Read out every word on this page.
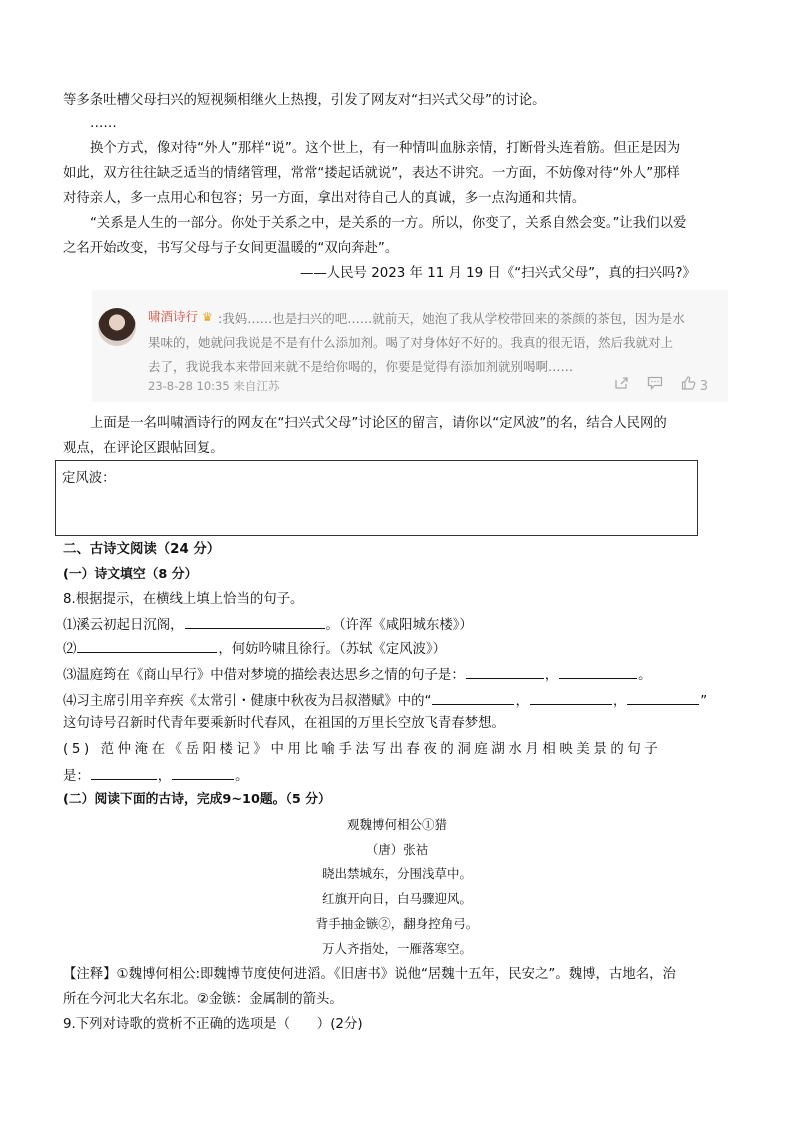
等多条吐槽父母扫兴的短视频相继火上热搜，引发了网友对“扫兴式父母”的讨论。
……
换个方式，像对待“外人”那样“说”。这个世上，有一种情叫血脉亲情，打断骨头连着筋。但正是因为
如此，双方往往缺乏适当的情绪管理，常常“搂起话就说”，表达不讲究。一方面，不妨像对待“外人”那样
对待亲人，多一点用心和包容；另一方面，拿出对待自己人的真诚，多一点沟通和共情。
“关系是人生的一部分。你处于关系之中，是关系的一方。所以，你变了，关系自然会变。”让我们以爱
之名开始改变，书写父母与子女间更温暖的“双向奔赴”。
——人民号 2023 年 11 月 19 日《“扫兴式父母”，真的扫兴吗?》
啸酒诗行 ♛ :我妈……也是扫兴的吧……就前天，她泡了我从学校带回来的茶颜的茶包，因为是水
果味的，她就问我说是不是有什么添加剂。喝了对身体好不好的。我真的很无语，然后我就对上
去了，我说我本来带回来就不是给你喝的，你要是觉得有添加剂就别喝啊……
23-8-28 10:35 来自江苏	3
上面是一名叫啸酒诗行的网友在“扫兴式父母”讨论区的留言，请你以“定风波”的名，结合人民网的
观点，在评论区跟帖回复。
定风波：
二、古诗文阅读（24 分）
(一）诗文填空（8 分）
8.根据提示，在横线上填上恰当的句子。
⑴溪云初起日沉阁，	。（许浑《咸阳城东楼》）
⑵	，何妨吟啸且徐行。（苏轼《定风波》）
⑶温庭筠在《商山早行》中借对梦境的描绘表达思乡之情的句子是：	，	。
⑷习主席引用辛弃疾《太常引・健康中秋夜为吕叔潜赋》中的“	，	，	”
这句诗号召新时代青年要乘新时代春风，在祖国的万里长空放飞青春梦想。
(5) 范仲淹在《岳阳楼记》中用比喻手法写出春夜的洞庭湖水月相映美景的句子
是：	，	。
(二）阅读下面的古诗，完成9~10题。（5 分）
观魏博何相公①猎
（唐）张祜
晓出禁城东，分围浅草中。
红旗开向日，白马骤迎风。
背手抽金镞②，翻身控角弓。
万人齐指处，一雁落寒空。
【注释】①魏博何相公:即魏博节度使何进滔。《旧唐书》说他“居魏十五年，民安之”。魏博，古地名，治
所在今河北大名东北。②金镞：金属制的箭头。
9.下列对诗歌的赏析不正确的选项是（　　）(2分)
